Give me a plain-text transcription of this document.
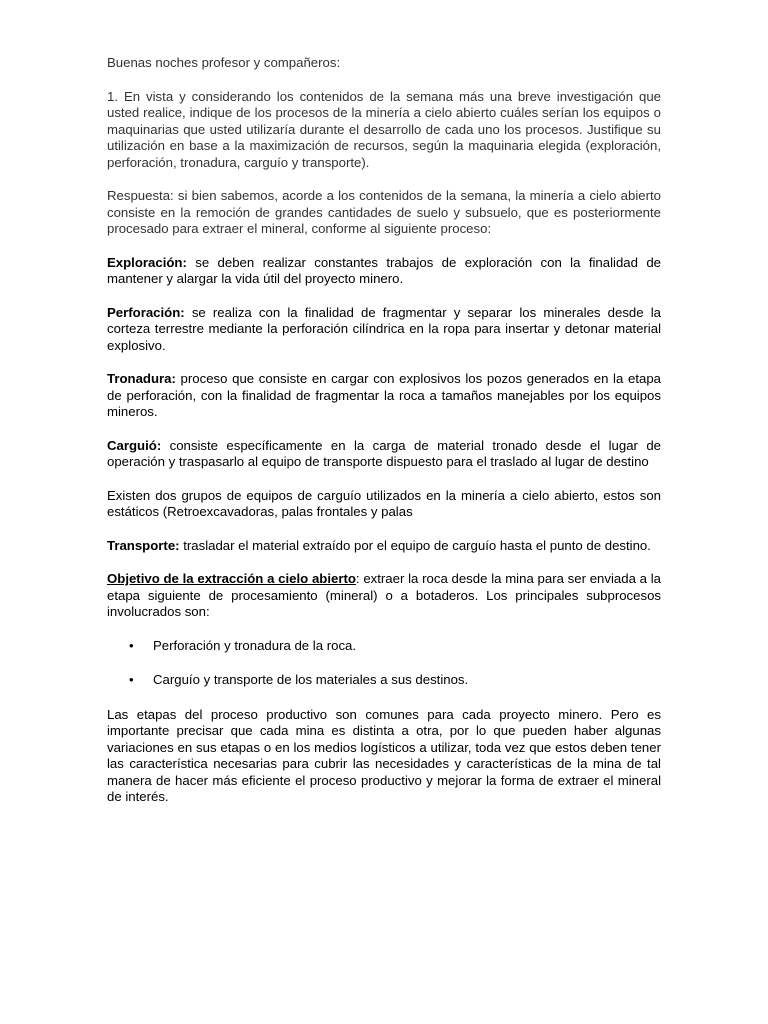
Buenas noches profesor y compañeros:

1. En vista y considerando los contenidos de la semana más una breve investigación que usted realice, indique de los procesos de la minería a cielo abierto cuáles serían los equipos o maquinarias que usted utilizaría durante el desarrollo de cada uno los procesos. Justifique su utilización en base a la maximización de recursos, según la maquinaria elegida (exploración, perforación, tronadura, carguío y transporte).

Respuesta: si bien sabemos, acorde a los contenidos de la semana, la minería a cielo abierto consiste en la remoción de grandes cantidades de suelo y subsuelo, que es posteriormente procesado para extraer el mineral, conforme al siguiente proceso:

Exploración: se deben realizar constantes trabajos de exploración con la finalidad de mantener y alargar la vida útil del proyecto minero.

Perforación: se realiza con la finalidad de fragmentar y separar los minerales desde la corteza terrestre mediante la perforación cilíndrica en la ropa para insertar y detonar material explosivo.

Tronadura: proceso que consiste en cargar con explosivos los pozos generados en la etapa de perforación, con la finalidad de fragmentar la roca a tamaños manejables por los equipos mineros.

Carguió: consiste específicamente en la carga de material tronado desde el lugar de operación y traspasarlo al equipo de transporte dispuesto para el traslado al lugar de destino

Existen dos grupos de equipos de carguío utilizados en la minería a cielo abierto, estos son estáticos (Retroexcavadoras, palas frontales y palas

Transporte: trasladar el material extraído por el equipo de carguío hasta el punto de destino.

Objetivo de la extracción a cielo abierto: extraer la roca desde la mina para ser enviada a la etapa siguiente de procesamiento (mineral) o a botaderos. Los principales subprocesos involucrados son:

• Perforación y tronadura de la roca.
• Carguío y transporte de los materiales a sus destinos.

Las etapas del proceso productivo son comunes para cada proyecto minero. Pero es importante precisar que cada mina es distinta a otra, por lo que pueden haber algunas variaciones en sus etapas o en los medios logísticos a utilizar, toda vez que estos deben tener las característica necesarias para cubrir las necesidades y características de la mina de tal manera de hacer más eficiente el proceso productivo y mejorar la forma de extraer el mineral de interés.
